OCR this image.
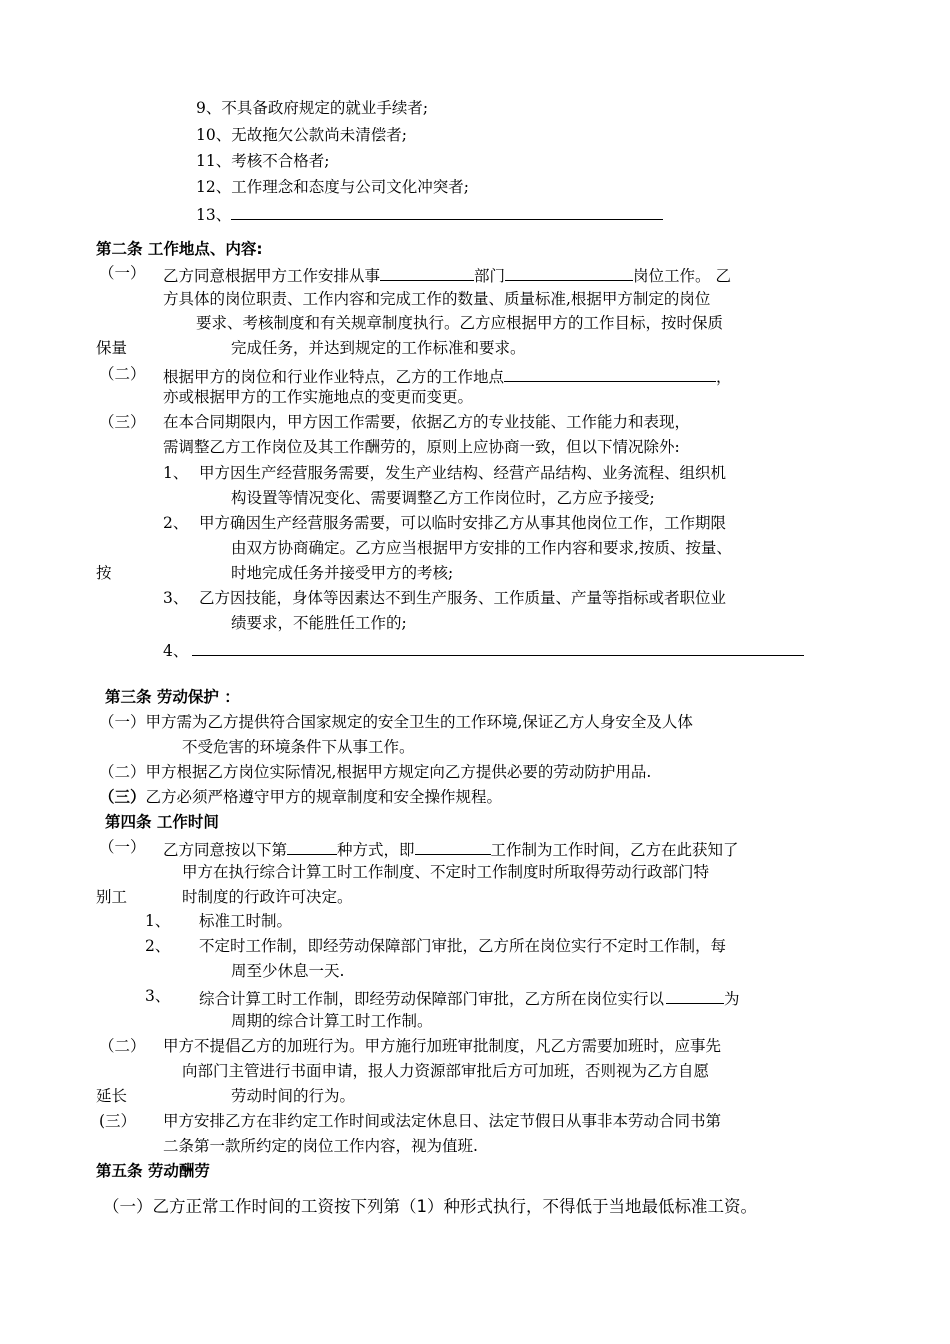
9、不具备政府规定的就业手续者;
10、无故拖欠公款尚未清偿者;
11、考核不合格者;
12、工作理念和态度与公司文化冲突者;
13、
第二条 工作地点、内容:
（一） 乙方同意根据甲方工作安排从事	部门	岗位工作。 乙
方具体的岗位职责、工作内容和完成工作的数量、质量标准,根据甲方制定的岗位
要求、考核制度和有关规章制度执行。乙方应根据甲方的工作目标，按时保质
保量	完成任务，并达到规定的工作标准和要求。
（二） 根据甲方的岗位和行业作业特点，乙方的工作地点	，
亦或根据甲方的工作实施地点的变更而变更。
（三） 在本合同期限内，甲方因工作需要，依据乙方的专业技能、工作能力和表现，
需调整乙方工作岗位及其工作酬劳的，原则上应协商一致，但以下情况除外:
1、 甲方因生产经营服务需要，发生产业结构、经营产品结构、业务流程、组织机
构设置等情况变化、需要调整乙方工作岗位时，乙方应予接受;
2、 甲方确因生产经营服务需要，可以临时安排乙方从事其他岗位工作，工作期限
由双方协商确定。乙方应当根据甲方安排的工作内容和要求,按质、按量、
按	时地完成任务并接受甲方的考核;
3、 乙方因技能，身体等因素达不到生产服务、工作质量、产量等指标或者职位业
绩要求，不能胜任工作的;
4、
第三条 劳动保护 ：
（一）甲方需为乙方提供符合国家规定的安全卫生的工作环境,保证乙方人身安全及人体
不受危害的环境条件下从事工作。
（二）甲方根据乙方岗位实际情况,根据甲方规定向乙方提供必要的劳动防护用品.
（三）乙方必须严格遵守甲方的规章制度和安全操作规程。
第四条 工作时间
（一） 乙方同意按以下第	种方式，即	工作制为工作时间，乙方在此获知了
甲方在执行综合计算工时工作制度、不定时工作制度时所取得劳动行政部门特
别工	时制度的行政许可决定。
1、 标准工时制。
2、 不定时工作制，即经劳动保障部门审批，乙方所在岗位实行不定时工作制，每
周至少休息一天.
3、 综合计算工时工作制，即经劳动保障部门审批，乙方所在岗位实行以	为
周期的综合计算工时工作制。
（二） 甲方不提倡乙方的加班行为。甲方施行加班审批制度，凡乙方需要加班时，应事先
向部门主管进行书面申请，报人力资源部审批后方可加班，否则视为乙方自愿
延长	劳动时间的行为。
(三） 甲方安排乙方在非约定工作时间或法定休息日、法定节假日从事非本劳动合同书第
二条第一款所约定的岗位工作内容，视为值班.
第五条 劳动酬劳
（一）乙方正常工作时间的工资按下列第（1）种形式执行，不得低于当地最低标准工资。
